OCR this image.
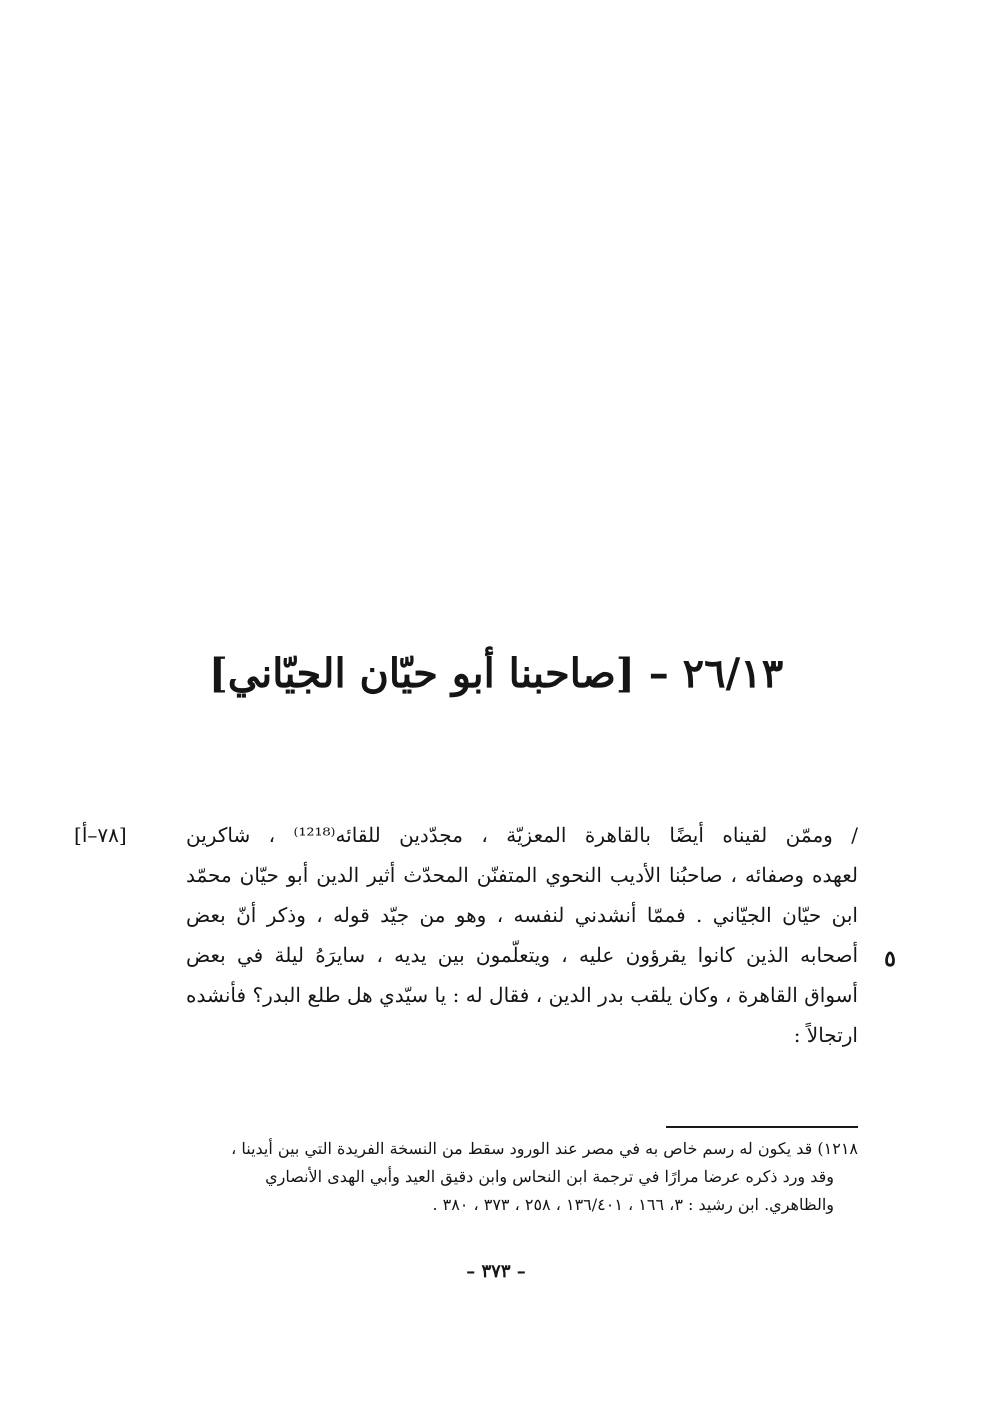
٢٦/١٣ – [صاحبنا أبو حيّان الجيّاني]
[٧٨–أ]
٥
/ وممّن لقيناه أيضًا بالقاهرة المعزيّة ، مجدّدين للقائه⁽¹²¹⁸⁾ ، شاكرين
لعهده وصفائه ، صاحبُنا الأديب النحوي المتفنّن المحدّث أثير الدين أبو حيّان محمّد
ابن حيّان الجيّاني . فممّا أنشدني لنفسه ، وهو من جيّد قوله ، وذكر أنّ بعض
أصحابه الذين كانوا يقرؤون عليه ، ويتعلّمون بين يديه ، سايرَهُ ليلة في بعض
أسواق القاهرة ، وكان يلقب بدر الدين ، فقال له : يا سيّدي هل طلع البدر؟ فأنشده
ارتجالاً :
١٢١٨) قد يكون له رسم خاص به في مصر عند الورود سقط من النسخة الفريدة التي بين أيدينا ،
وقد ورد ذكره عرضا مرارًا في ترجمة ابن النحاس وابن دقيق العيد وأبي الهدى الأنصاري
والظاهري. ابن رشيد : ٣، ١٦٦ ، ١٣٦/٤٠١ ، ٢٥٨ ، ٣٧٣ ، ٣٨٠ .
– ٣٧٣ –
